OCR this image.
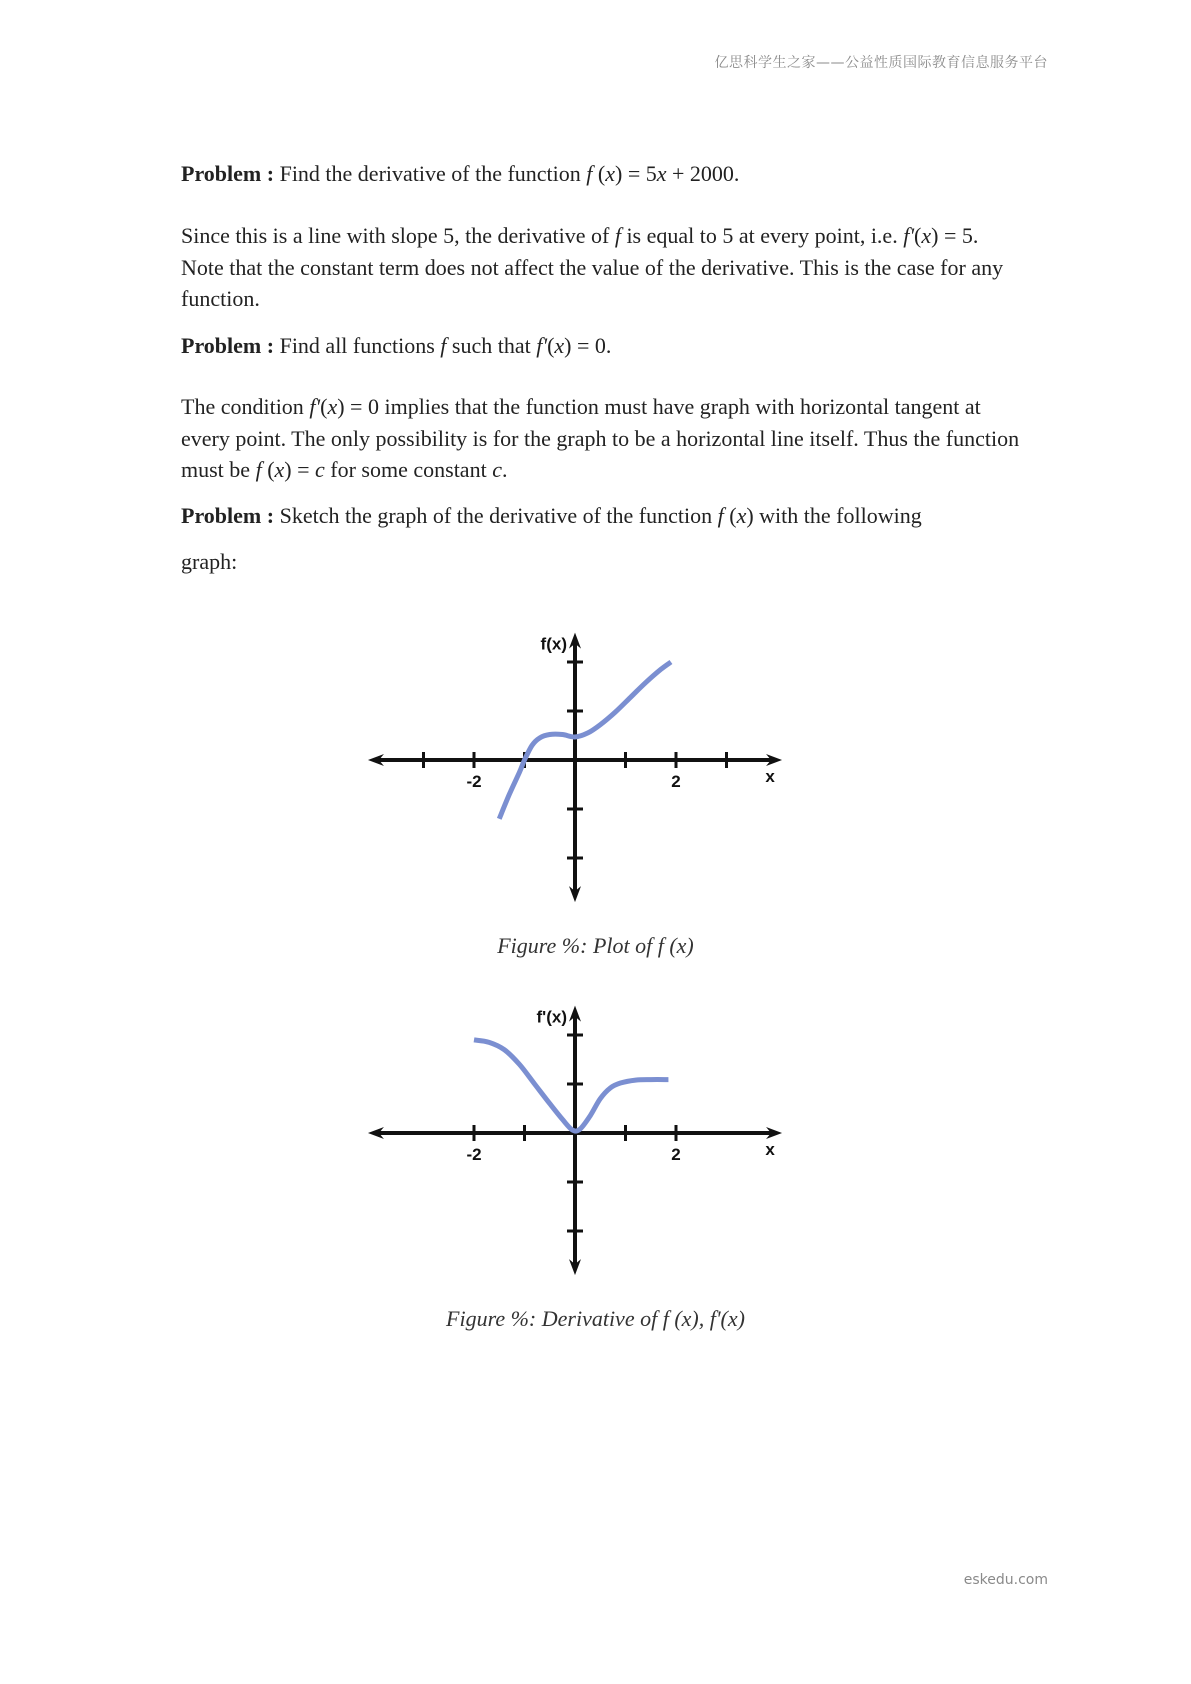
亿思科学生之家——公益性质国际教育信息服务平台

Problem : Find the derivative of the function f (x) = 5x + 2000.

Since this is a line with slope 5, the derivative of f is equal to 5 at every point, i.e. f'(x) = 5. Note that the constant term does not affect the value of the derivative. This is the case for any function.

Problem : Find all functions f such that f'(x) = 0.

The condition f'(x) = 0 implies that the function must have graph with horizontal tangent at every point. The only possibility is for the graph to be a horizontal line itself. Thus the function must be f (x) = c for some constant c.

Problem : Sketch the graph of the derivative of the function f (x) with the following

graph:

-2	2	x
f(x)
Figure %: Plot of f (x)
-2	2	x
f'(x)
Figure %: Derivative of f (x), f'(x)
eskedu.com
